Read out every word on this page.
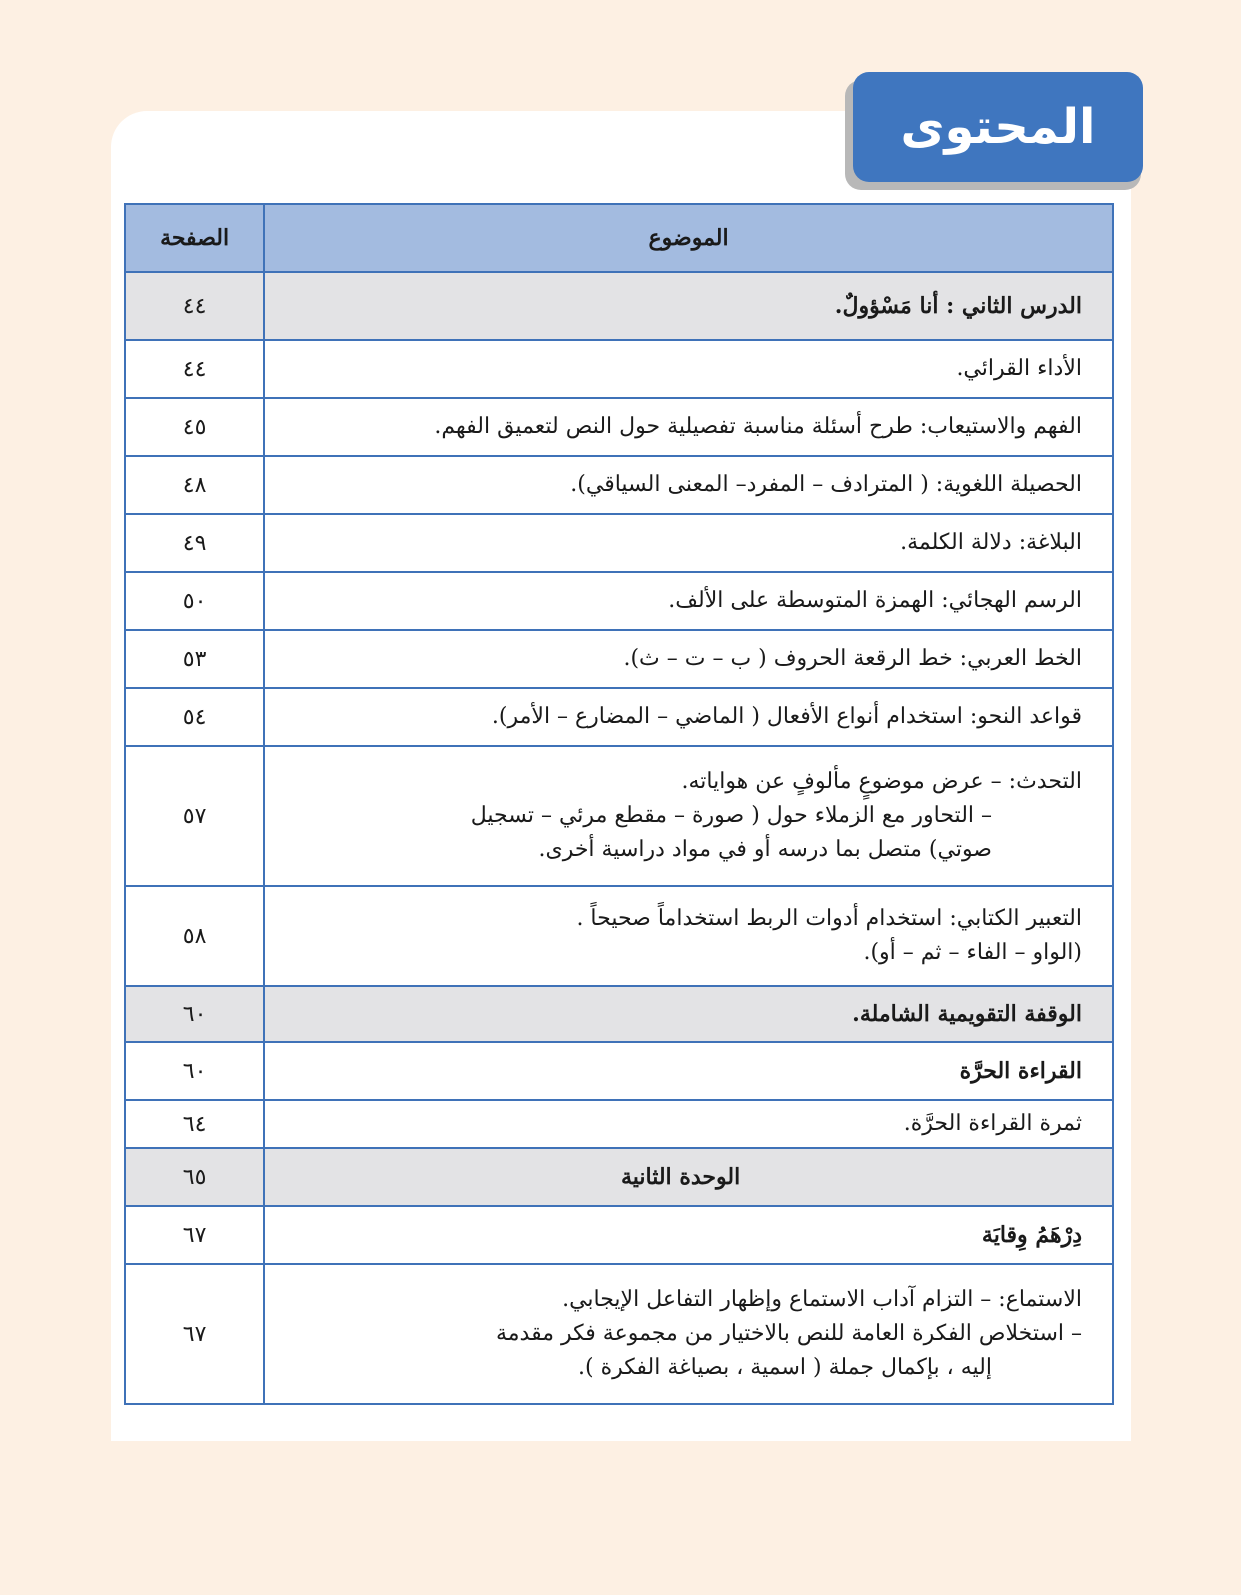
المحتوى
الموضوع	الصفحة

الدرس الثاني : أنا مَسْؤولٌ.	٤٤

الأداء القرائي.	٤٤

الفهم والاستيعاب: طرح أسئلة مناسبة تفصيلية حول النص لتعميق الفهم.	٤٥

الحصيلة اللغوية: ( المترادف – المفرد– المعنى السياقي).	٤٨

البلاغة: دلالة الكلمة.	٤٩

الرسم الهجائي: الهمزة المتوسطة على الألف.	٥٠

الخط العربي: خط الرقعة الحروف ( ب – ت – ث).	٥٣

قواعد النحو: استخدام أنواع الأفعال ( الماضي – المضارع – الأمر).	٥٤

التحدث: – عرض موضوعٍ مألوفٍ عن هواياته.
– التحاور مع الزملاء حول ( صورة – مقطع مرئي – تسجيل
صوتي) متصل بما درسه أو في مواد دراسية أخرى.	٥٧

التعبير الكتابي: استخدام أدوات الربط استخداماً صحيحاً .
(الواو – الفاء – ثم – أو).	٥٨

الوقفة التقويمية الشاملة.	٦٠

القراءة الحرَّة	٦٠

ثمرة القراءة الحرَّة.	٦٤

الوحدة الثانية	٦٥

دِرْهَمُ وِقايَة	٦٧

الاستماع: – التزام آداب الاستماع وإظهار التفاعل الإيجابي.
– استخلاص الفكرة العامة للنص بالاختيار من مجموعة فكر مقدمة
إليه ، بإكمال جملة ( اسمية ، بصياغة الفكرة ).	٦٧
